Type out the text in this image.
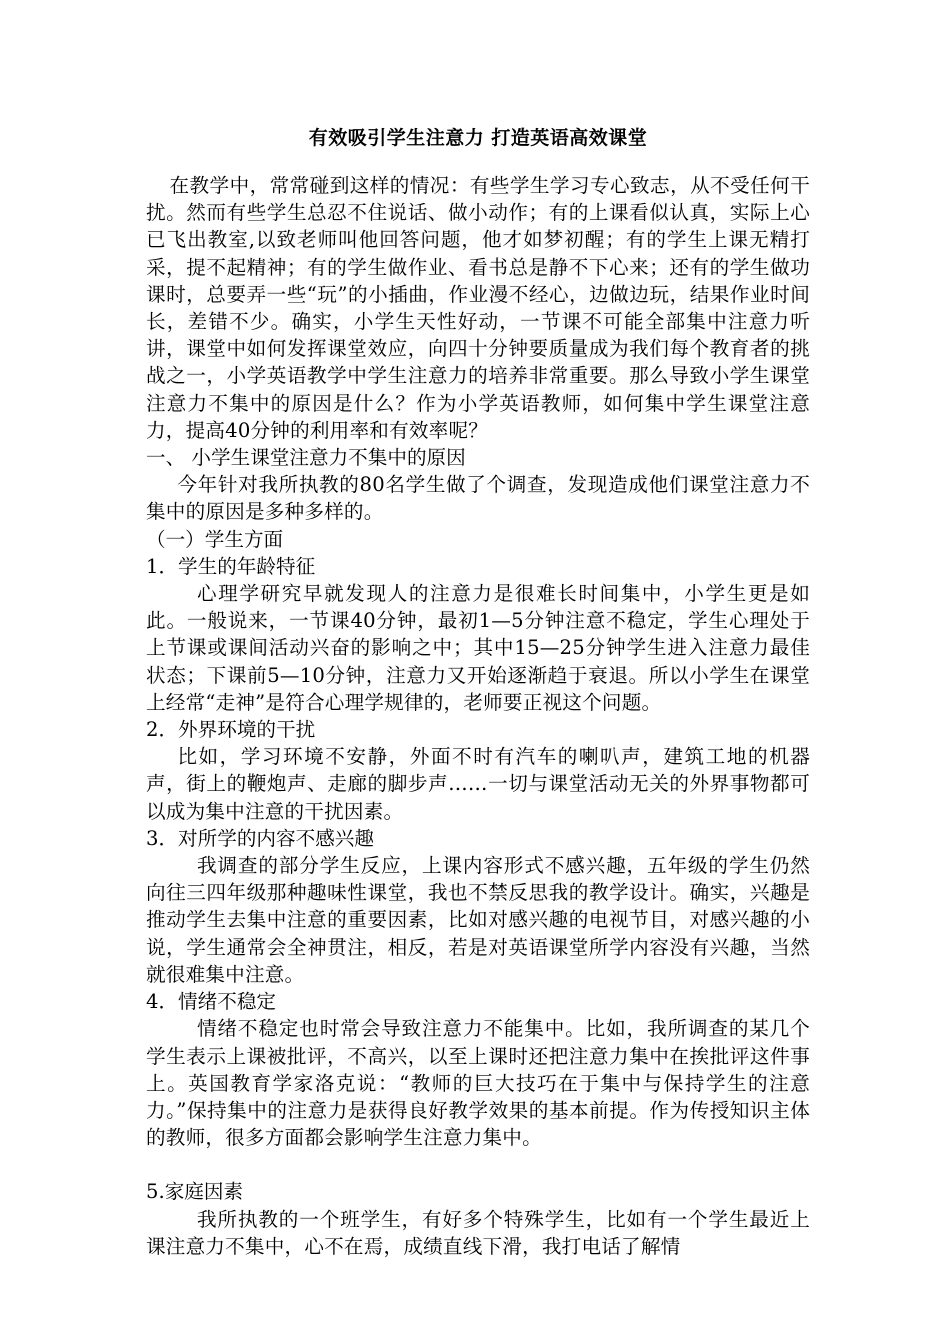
有效吸引学生注意力 打造英语高效课堂

在教学中，常常碰到这样的情况：有些学生学习专心致志，从不受任何干扰。然而有些学生总忍不住说话、做小动作；有的上课看似认真，实际上心已飞出教室,以致老师叫他回答问题，他才如梦初醒；有的学生上课无精打采，提不起精神；有的学生做作业、看书总是静不下心来；还有的学生做功课时，总要弄一些“玩”的小插曲，作业漫不经心，边做边玩，结果作业时间长，差错不少。确实，小学生天性好动，一节课不可能全部集中注意力听讲，课堂中如何发挥课堂效应，向四十分钟要质量成为我们每个教育者的挑战之一，小学英语教学中学生注意力的培养非常重要。那么导致小学生课堂注意力不集中的原因是什么？作为小学英语教师，如何集中学生课堂注意力，提高40分钟的利用率和有效率呢？

一、 小学生课堂注意力不集中的原因

今年针对我所执教的80名学生做了个调查，发现造成他们课堂注意力不集中的原因是多种多样的。

（一）学生方面
1．学生的年龄特征

心理学研究早就发现人的注意力是很难长时间集中，小学生更是如此。一般说来，一节课40分钟，最初1—5分钟注意不稳定，学生心理处于上节课或课间活动兴奋的影响之中；其中15—25分钟学生进入注意力最佳状态；下课前5—10分钟，注意力又开始逐渐趋于衰退。所以小学生在课堂上经常“走神”是符合心理学规律的，老师要正视这个问题。

2．外界环境的干扰

比如，学习环境不安静，外面不时有汽车的喇叭声，建筑工地的机器声，街上的鞭炮声、走廊的脚步声……一切与课堂活动无关的外界事物都可以成为集中注意的干扰因素。

3．对所学的内容不感兴趣

我调查的部分学生反应，上课内容形式不感兴趣，五年级的学生仍然向往三四年级那种趣味性课堂，我也不禁反思我的教学设计。确实，兴趣是推动学生去集中注意的重要因素，比如对感兴趣的电视节目，对感兴趣的小说，学生通常会全神贯注，相反，若是对英语课堂所学内容没有兴趣，当然就很难集中注意。

4．情绪不稳定

情绪不稳定也时常会导致注意力不能集中。比如，我所调查的某几个学生表示上课被批评，不高兴，以至上课时还把注意力集中在挨批评这件事上。英国教育学家洛克说：“教师的巨大技巧在于集中与保持学生的注意力。”保持集中的注意力是获得良好教学效果的基本前提。作为传授知识主体的教师，很多方面都会影响学生注意力集中。

5.家庭因素

我所执教的一个班学生，有好多个特殊学生，比如有一个学生最近上课注意力不集中，心不在焉，成绩直线下滑，我打电话了解情
